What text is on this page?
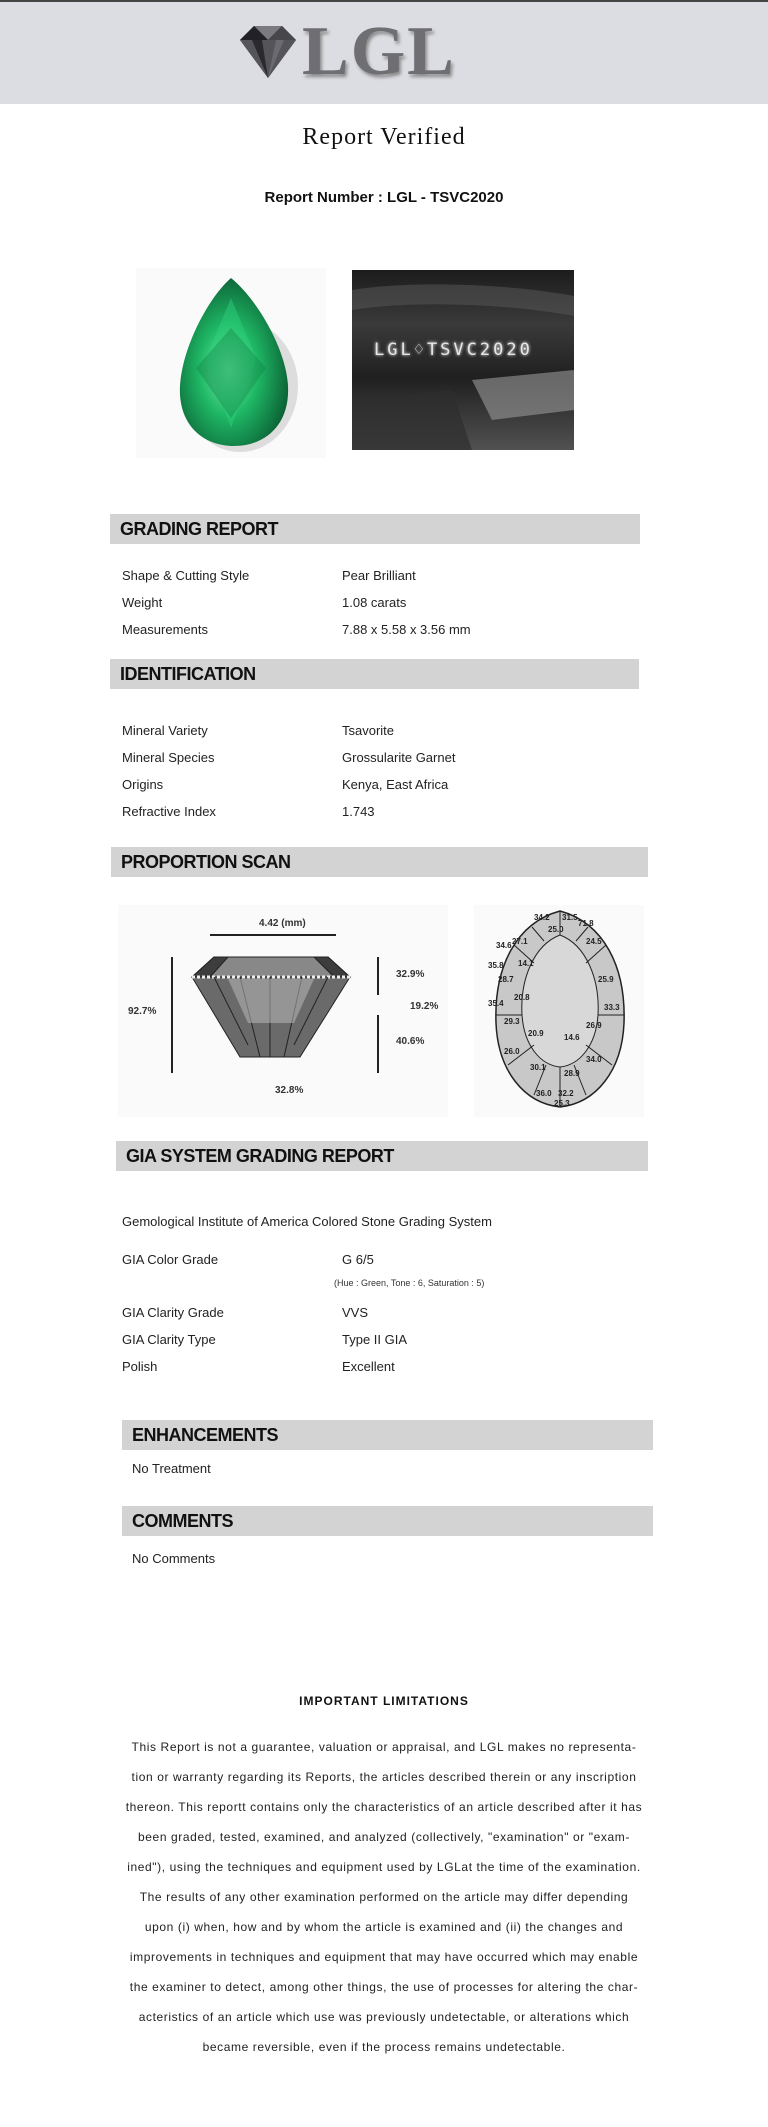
LGL
Report Verified
Report Number : LGL - TSVC2020
LGL♢TSVC2020
GRADING REPORT
Shape & Cutting Style	Pear Brilliant
Weight	1.08 carats
Measurements	7.88 x 5.58 x 3.56 mm
IDENTIFICATION
Mineral Variety	Tsavorite
Mineral Species	Grossularite Garnet
Origins	Kenya, East Africa
Refractive Index	1.743
PROPORTION SCAN
4.42 (mm)
92.7%
32.9%
19.2%
40.6%
32.8%
34.2 31.5
25.0
71.8
34.6 27.1	24.5
35.8 14.1
28.7	25.9
20.8
35.4	33.3
26.9
29.3
20.9	14.6
26.0
34.0
30.1
28.9
36.0 32.2
25.3
GIA SYSTEM GRADING REPORT
Gemological Institute of America Colored Stone Grading System
GIA Color Grade	G 6/5
(Hue : Green, Tone : 6, Saturation : 5)
GIA Clarity Grade	VVS
GIA Clarity Type	Type II GIA
Polish	Excellent
ENHANCEMENTS
No Treatment
COMMENTS
No Comments
IMPORTANT LIMITATIONS
This Report is not a guarantee, valuation or appraisal, and LGL makes no representa-
tion or warranty regarding its Reports, the articles described therein or any inscription
thereon. This reportt contains only the characteristics of an article described after it has
been graded, tested, examined, and analyzed (collectively, "examination" or "exam-
ined"), using the techniques and equipment used by LGLat the time of the examination.
The results of any other examination performed on the article may differ depending
upon (i) when, how and by whom the article is examined and (ii) the changes and
improvements in techniques and equipment that may have occurred which may enable
the examiner to detect, among other things, the use of processes for altering the char-
acteristics of an article which use was previously undetectable, or alterations which
became reversible, even if the process remains undetectable.
